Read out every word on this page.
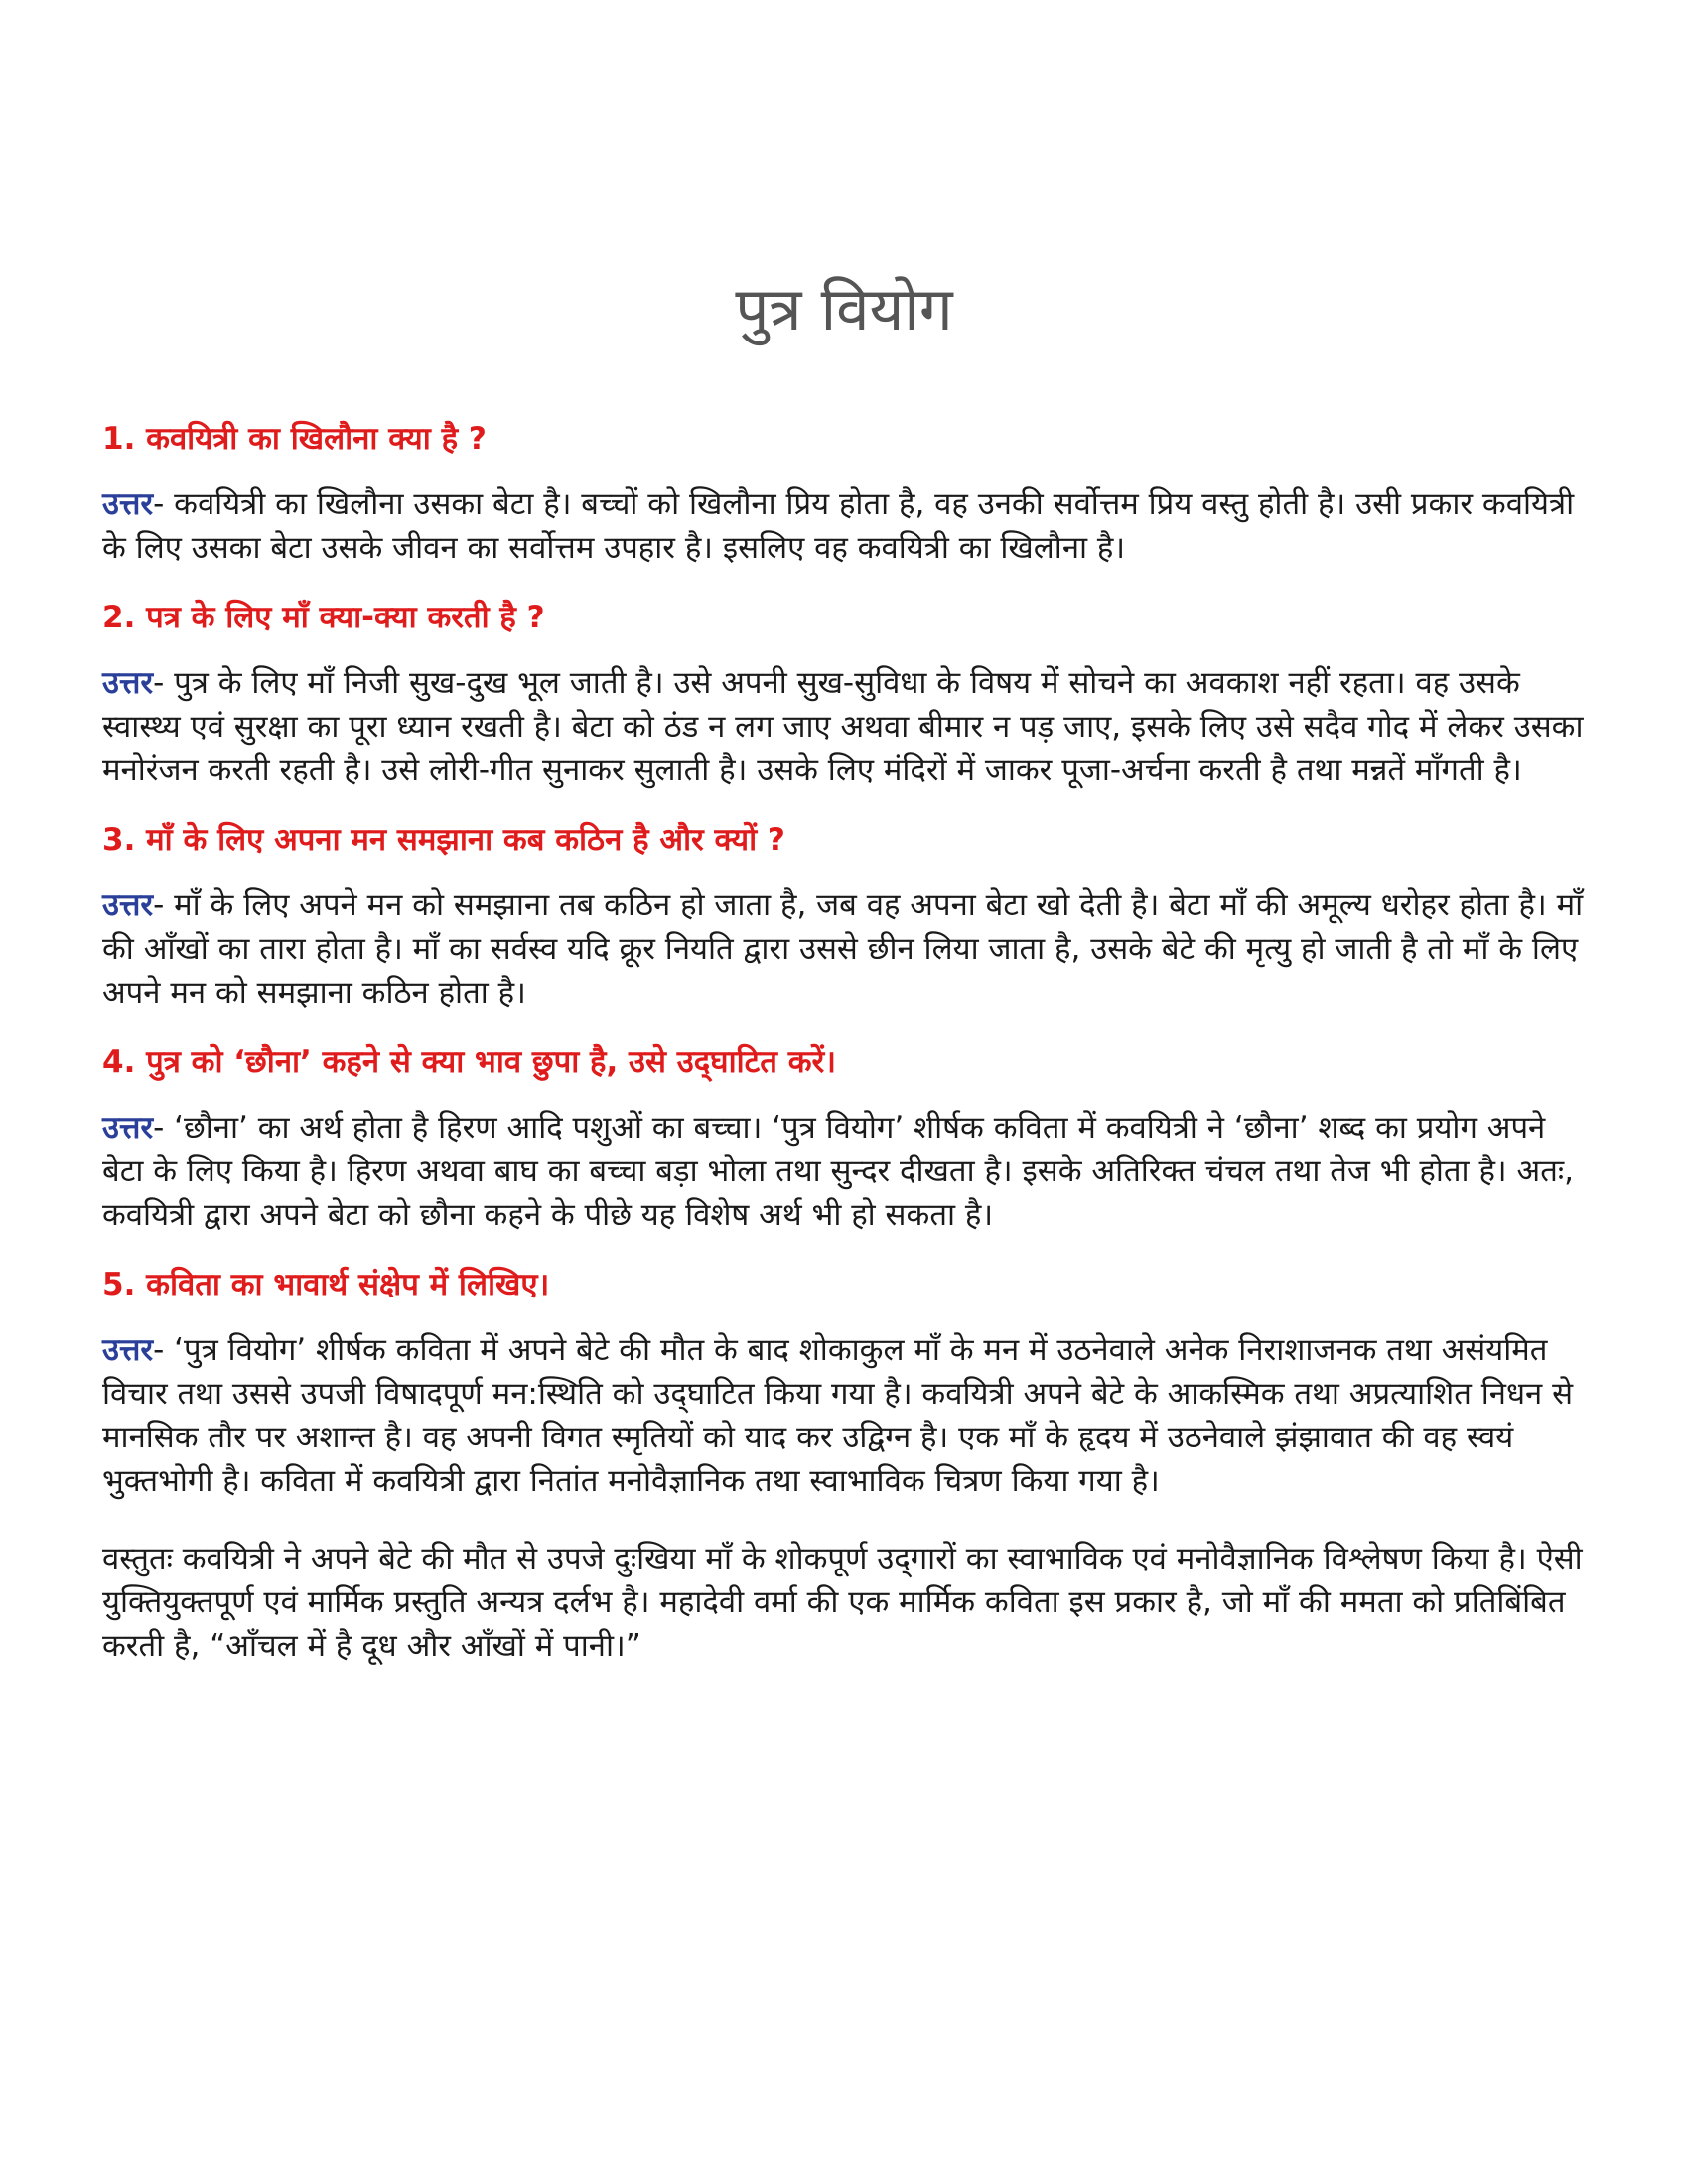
पुत्र वियोग

1. कवयित्री का खिलौना क्या है ?

उत्तर- कवयित्री का खिलौना उसका बेटा है। बच्चों को खिलौना प्रिय होता है, वह उनकी सर्वोत्तम प्रिय वस्तु होती है। उसी प्रकार कवयित्री के लिए उसका बेटा उसके जीवन का सर्वोत्तम उपहार है। इसलिए वह कवयित्री का खिलौना है।

2. पत्र के लिए माँ क्या-क्या करती है ?

उत्तर- पुत्र के लिए माँ निजी सुख-दुख भूल जाती है। उसे अपनी सुख-सुविधा के विषय में सोचने का अवकाश नहीं रहता। वह उसके स्वास्थ्य एवं सुरक्षा का पूरा ध्यान रखती है। बेटा को ठंड न लग जाए अथवा बीमार न पड़ जाए, इसके लिए उसे सदैव गोद में लेकर उसका मनोरंजन करती रहती है। उसे लोरी-गीत सुनाकर सुलाती है। उसके लिए मंदिरों में जाकर पूजा-अर्चना करती है तथा मन्नतें माँगती है।

3. माँ के लिए अपना मन समझाना कब कठिन है और क्यों ?

उत्तर- माँ के लिए अपने मन को समझाना तब कठिन हो जाता है, जब वह अपना बेटा खो देती है। बेटा माँ की अमूल्य धरोहर होता है। माँ की आँखों का तारा होता है। माँ का सर्वस्व यदि क्रूर नियति द्वारा उससे छीन लिया जाता है, उसके बेटे की मृत्यु हो जाती है तो माँ के लिए अपने मन को समझाना कठिन होता है।

4. पुत्र को ‘छौना’ कहने से क्या भाव छुपा है, उसे उद्‌घाटित करें।

उत्तर- ‘छौना’ का अर्थ होता है हिरण आदि पशुओं का बच्चा। ‘पुत्र वियोग’ शीर्षक कविता में कवयित्री ने ‘छौना’ शब्द का प्रयोग अपने बेटा के लिए किया है। हिरण अथवा बाघ का बच्चा बड़ा भोला तथा सुन्दर दीखता है। इसके अतिरिक्त चंचल तथा तेज भी होता है। अतः, कवयित्री द्वारा अपने बेटा को छौना कहने के पीछे यह विशेष अर्थ भी हो सकता है।

5. कविता का भावार्थ संक्षेप में लिखिए।

उत्तर- ‘पुत्र वियोग’ शीर्षक कविता में अपने बेटे की मौत के बाद शोकाकुल माँ के मन में उठनेवाले अनेक निराशाजनक तथा असंयमित विचार तथा उससे उपजी विषादपूर्ण मन:स्थिति को उद्‌घाटित किया गया है। कवयित्री अपने बेटे के आकस्मिक तथा अप्रत्याशित निधन से मानसिक तौर पर अशान्त है। वह अपनी विगत स्मृतियों को याद कर उद्विग्न है। एक माँ के हृदय में उठनेवाले झंझावात की वह स्वयं भुक्तभोगी है। कविता में कवयित्री द्वारा नितांत मनोवैज्ञानिक तथा स्वाभाविक चित्रण किया गया है।

वस्तुतः कवयित्री ने अपने बेटे की मौत से उपजे दुःखिया माँ के शोकपूर्ण उद्‌गारों का स्वाभाविक एवं मनोवैज्ञानिक विश्लेषण किया है। ऐसी युक्तियुक्तपूर्ण एवं मार्मिक प्रस्तुति अन्यत्र दर्लभ है। महादेवी वर्मा की एक मार्मिक कविता इस प्रकार है, जो माँ की ममता को प्रतिबिंबित करती है, “आँचल में है दूध और आँखों में पानी।”
